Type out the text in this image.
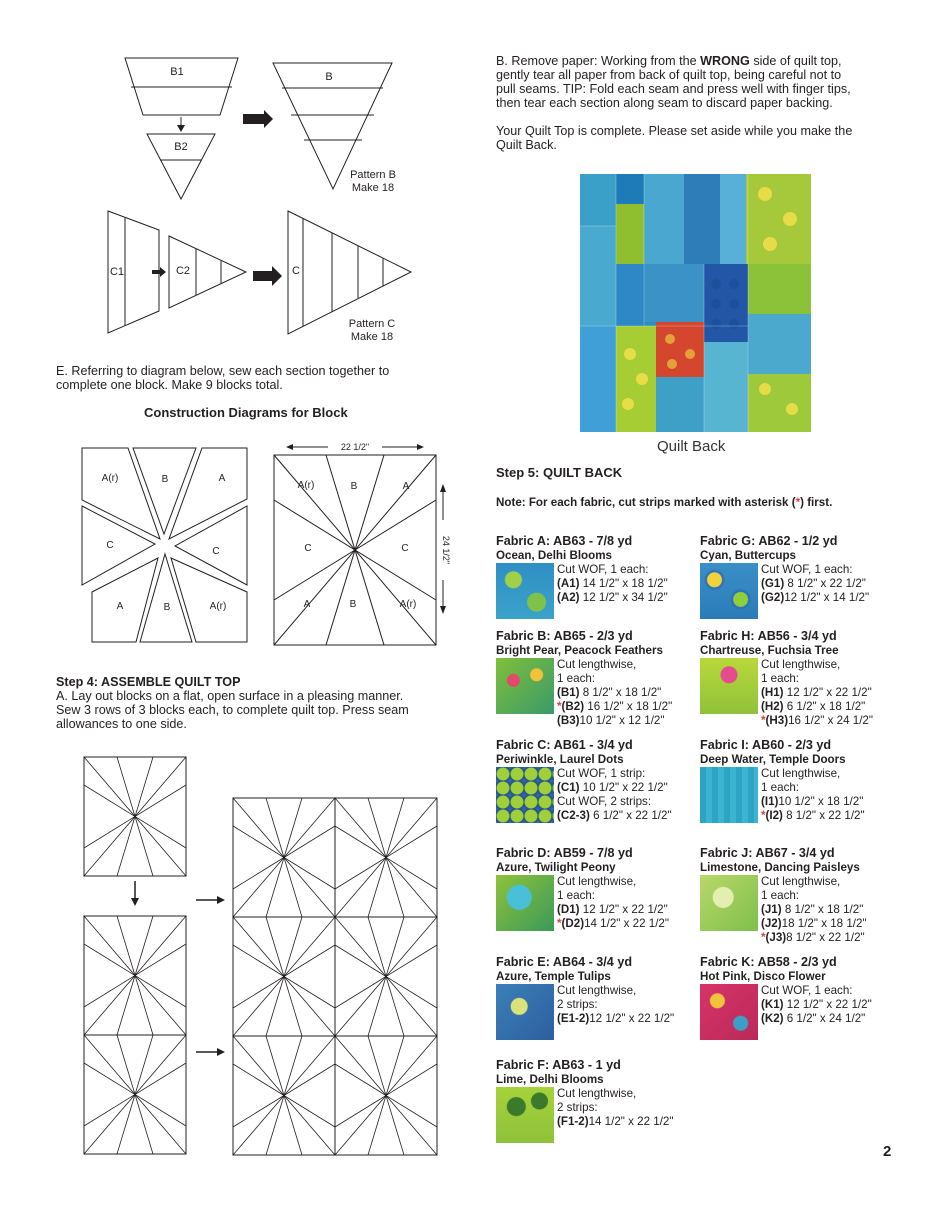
B1
B2
B
Pattern B
Make 18
C1	C2	C
Pattern C
Make 18
E. Referring to diagram below, sew each section together to
complete one block. Make 9 blocks total.
Construction Diagrams for Block
A(r)	B	A
C
C
A	B	A(r)
A(r)	B	A
C	C
A	B	A(r)
22 1/2"
24 1/2"
Step 4: ASSEMBLE QUILT TOP
A. Lay out blocks on a flat, open surface in a pleasing manner.
Sew 3 rows of 3 blocks each, to complete quilt top. Press seam
allowances to one side.
B. Remove paper: Working from the WRONG side of quilt top,
gently tear all paper from back of quilt top, being careful not to
pull seams. TIP: Fold each seam and press well with finger tips,
then tear each section along seam to discard paper backing.
Your Quilt Top is complete. Please set aside while you make the
Quilt Back.
Quilt Back
Step 5: QUILT BACK
Note: For each fabric, cut strips marked with asterisk (*) first.
Fabric A: AB63 - 7/8 yd
Ocean, Delhi Blooms
Cut WOF, 1 each:
(A1) 14 1/2" x 18 1/2"
(A2) 12 1/2" x 34 1/2"
Fabric G: AB62 - 1/2 yd
Cyan, Buttercups
Cut WOF, 1 each:
(G1) 8 1/2" x 22 1/2"
(G2)12 1/2" x 14 1/2"
Fabric B: AB65 - 2/3 yd
Bright Pear, Peacock Feathers
Cut lengthwise,
1 each:
(B1) 8 1/2" x 18 1/2"
*(B2) 16 1/2" x 18 1/2"
(B3)10 1/2" x 12 1/2"
Fabric H: AB56 - 3/4 yd
Chartreuse, Fuchsia Tree
Cut lengthwise,
1 each:
(H1) 12 1/2" x 22 1/2"
(H2) 6 1/2" x 18 1/2"
*(H3)16 1/2" x 24 1/2"
Fabric C: AB61 - 3/4 yd
Periwinkle, Laurel Dots
Cut WOF, 1 strip:
(C1) 10 1/2" x 22 1/2"
Cut WOF, 2 strips:
(C2-3) 6 1/2" x 22 1/2"
Fabric I: AB60 - 2/3 yd
Deep Water, Temple Doors
Cut lengthwise,
1 each:
(I1)10 1/2" x 18 1/2"
*(I2) 8 1/2" x 22 1/2"
Fabric D: AB59 - 7/8 yd
Azure, Twilight Peony
Cut lengthwise,
1 each:
(D1) 12 1/2" x 22 1/2"
*(D2)14 1/2" x 22 1/2"
Fabric J: AB67 - 3/4 yd
Limestone, Dancing Paisleys
Cut lengthwise,
1 each:
(J1) 8 1/2" x 18 1/2"
(J2)18 1/2" x 18 1/2"
*(J3)8 1/2" x 22 1/2"
Fabric E: AB64 - 3/4 yd
Azure, Temple Tulips
Cut lengthwise,
2 strips:
(E1-2)12 1/2" x 22 1/2"
Fabric K: AB58 - 2/3 yd
Hot Pink, Disco Flower
Cut WOF, 1 each:
(K1) 12 1/2" x 22 1/2"
(K2) 6 1/2" x 24 1/2"
Fabric F: AB63 - 1 yd
Lime, Delhi Blooms
Cut lengthwise,
2 strips:
(F1-2)14 1/2" x 22 1/2"
2
